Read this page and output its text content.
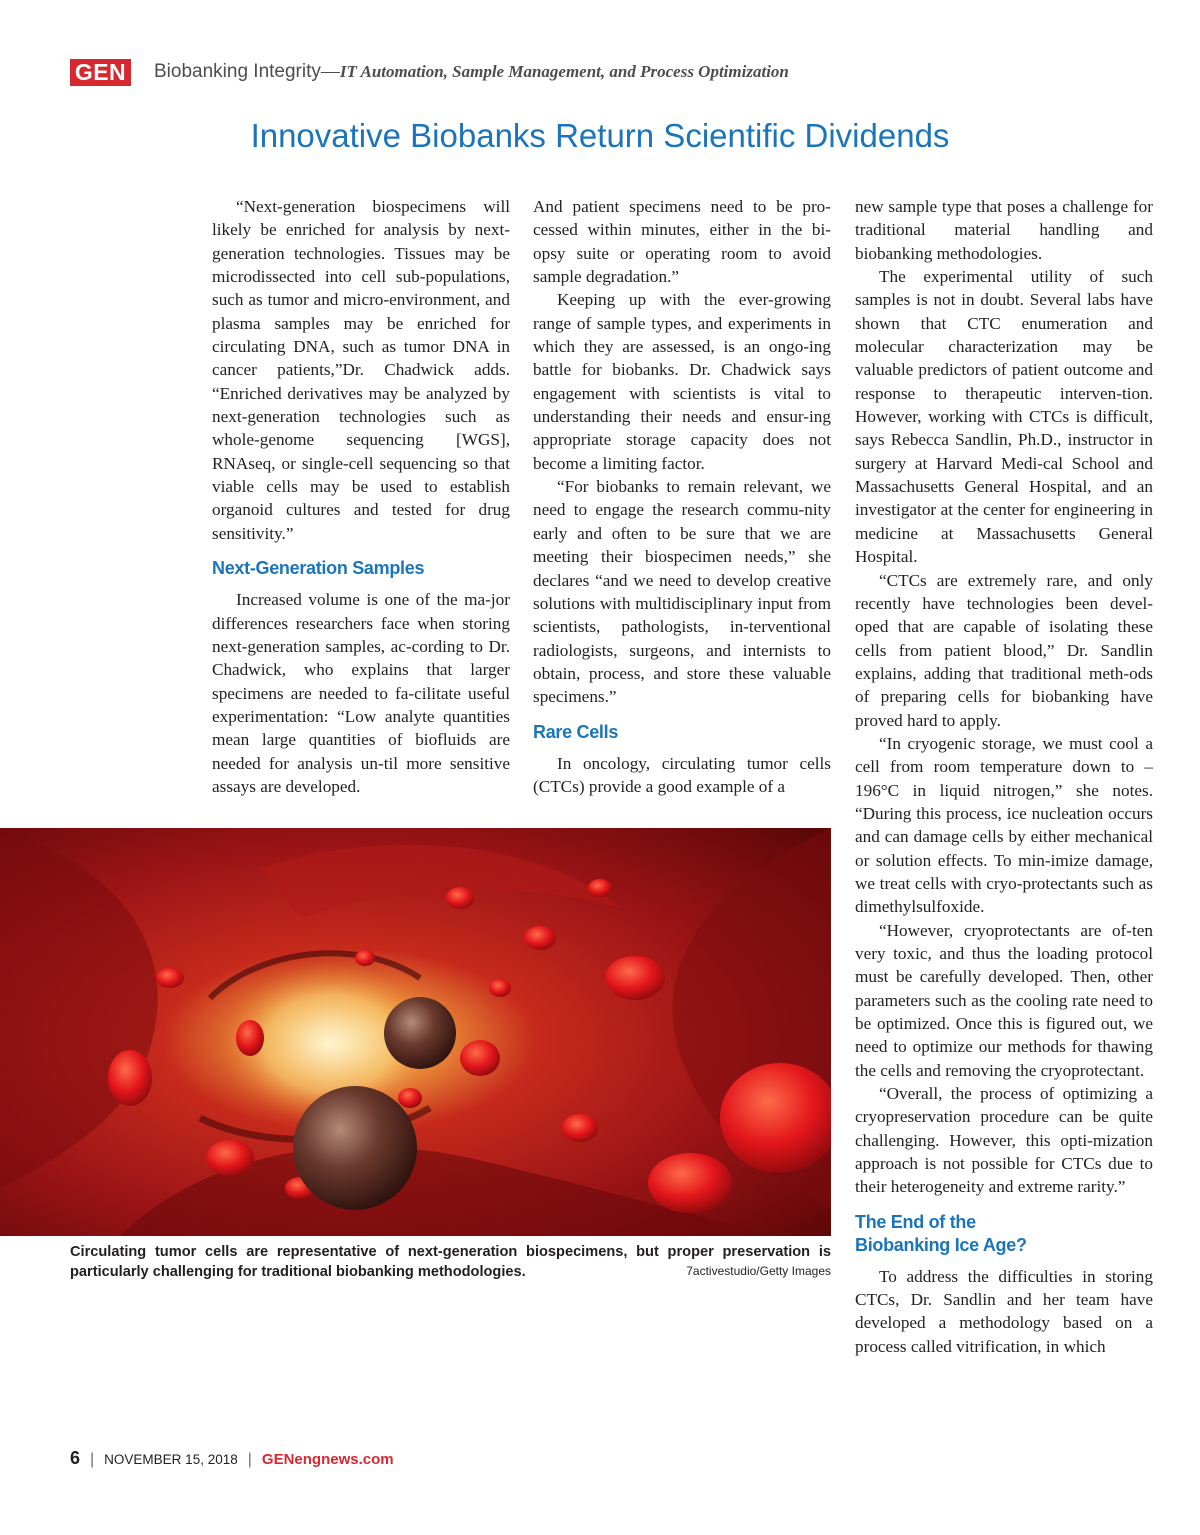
GEN Biobanking Integrity—IT Automation, Sample Management, and Process Optimization
Innovative Biobanks Return Scientific Dividends

“Next-generation biospecimens will likely be enriched for analysis by next-generation technologies. Tissues may be microdissected into cell sub-populations, such as tumor and micro-environment, and plasma samples may be enriched for circulating DNA, such as tumor DNA in cancer patients,”Dr. Chadwick adds. “Enriched derivatives may be analyzed by next-generation technologies such as whole-genome sequencing [WGS], RNAseq, or single-cell sequencing so that viable cells may be used to establish organoid cultures and tested for drug sensitivity.”

Next-Generation Samples

Increased volume is one of the ma-jor differences researchers face when storing next-generation samples, ac-cording to Dr. Chadwick, who explains that larger specimens are needed to fa-cilitate useful experimentation: “Low analyte quantities mean large quantities of biofluids are needed for analysis un-til more sensitive assays are developed.

And patient specimens need to be pro-cessed within minutes, either in the bi-opsy suite or operating room to avoid sample degradation.”

Keeping up with the ever-growing range of sample types, and experiments in which they are assessed, is an ongo-ing battle for biobanks. Dr. Chadwick says engagement with scientists is vital to understanding their needs and ensur-ing appropriate storage capacity does not become a limiting factor.

“For biobanks to remain relevant, we need to engage the research commu-nity early and often to be sure that we are meeting their biospecimen needs,” she declares “and we need to develop creative solutions with multidisciplinary input from scientists, pathologists, in-terventional radiologists, surgeons, and internists to obtain, process, and store these valuable specimens.”

Rare Cells

In oncology, circulating tumor cells (CTCs) provide a good example of a

new sample type that poses a challenge for traditional material handling and biobanking methodologies.

The experimental utility of such samples is not in doubt. Several labs have shown that CTC enumeration and molecular characterization may be valuable predictors of patient outcome and response to therapeutic interven-tion. However, working with CTCs is difficult, says Rebecca Sandlin, Ph.D., instructor in surgery at Harvard Medi-cal School and Massachusetts General Hospital, and an investigator at the center for engineering in medicine at Massachusetts General Hospital.

“CTCs are extremely rare, and only recently have technologies been devel-oped that are capable of isolating these cells from patient blood,” Dr. Sandlin explains, adding that traditional meth-ods of preparing cells for biobanking have proved hard to apply.

“In cryogenic storage, we must cool a cell from room temperature down to –196°C in liquid nitrogen,” she notes. “During this process, ice nucleation occurs and can damage cells by either mechanical or solution effects. To min-imize damage, we treat cells with cryo-protectants such as dimethylsulfoxide.

“However, cryoprotectants are of-ten very toxic, and thus the loading protocol must be carefully developed. Then, other parameters such as the cooling rate need to be optimized. Once this is figured out, we need to optimize our methods for thawing the cells and removing the cryoprotectant.

“Overall, the process of optimizing a cryopreservation procedure can be quite challenging. However, this opti-mization approach is not possible for CTCs due to their heterogeneity and extreme rarity.”

The End of the
Biobanking Ice Age?

To address the difficulties in storing CTCs, Dr. Sandlin and her team have developed a methodology based on a process called vitrification, in which

Circulating tumor cells are representative of next-generation biospecimens, but proper preservation is particularly challenging for traditional biobanking methodologies.	7activestudio/Getty Images
6 | NOVEMBER 15, 2018 | GENengnews.com
